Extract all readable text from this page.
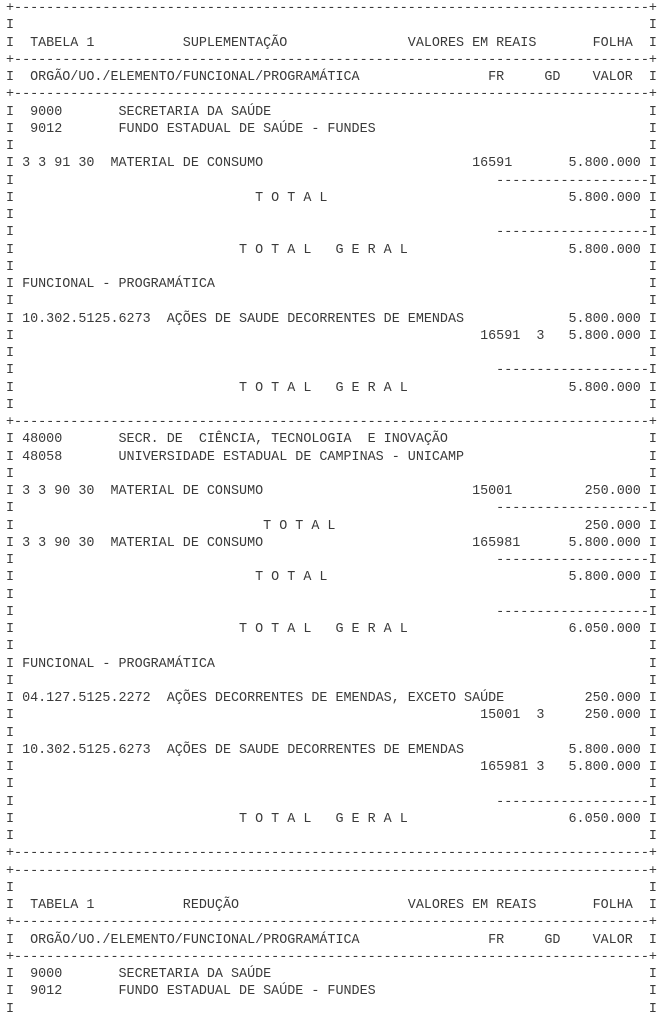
+-------------------------------------------------------------------------------+
I                                                                               I
I  TABELA 1           SUPLEMENTAÇÃO               VALORES EM REAIS       FOLHA  I
+-------------------------------------------------------------------------------+
I  ORGÃO/UO./ELEMENTO/FUNCIONAL/PROGRAMÁTICA                FR     GD    VALOR  I
+-------------------------------------------------------------------------------+
I  9000       SECRETARIA DA SAÚDE                                               I
I  9012       FUNDO ESTADUAL DE SAÚDE - FUNDES                                  I
I                                                                               I
I 3 3 91 30  MATERIAL DE CONSUMO                          16591       5.800.000 I
I                                                            -------------------I
I                              T O T A L                              5.800.000 I
I                                                                               I
I                                                            -------------------I
I                            T O T A L   G E R A L                    5.800.000 I
I                                                                               I
I FUNCIONAL - PROGRAMÁTICA                                                      I
I                                                                               I
I 10.302.5125.6273  AÇÕES DE SAUDE DECORRENTES DE EMENDAS             5.800.000 I
I                                                          16591  3   5.800.000 I
I                                                                               I
I                                                            -------------------I
I                            T O T A L   G E R A L                    5.800.000 I
I                                                                               I
+-------------------------------------------------------------------------------+
I 48000       SECR. DE  CIÊNCIA, TECNOLOGIA  E INOVAÇÃO                         I
I 48058       UNIVERSIDADE ESTADUAL DE CAMPINAS - UNICAMP                       I
I                                                                               I
I 3 3 90 30  MATERIAL DE CONSUMO                          15001         250.000 I
I                                                            -------------------I
I                               T O T A L                               250.000 I
I 3 3 90 30  MATERIAL DE CONSUMO                          165981      5.800.000 I
I                                                            -------------------I
I                              T O T A L                              5.800.000 I
I                                                                               I
I                                                            -------------------I
I                            T O T A L   G E R A L                    6.050.000 I
I                                                                               I
I FUNCIONAL - PROGRAMÁTICA                                                      I
I                                                                               I
I 04.127.5125.2272  AÇÕES DECORRENTES DE EMENDAS, EXCETO SAÚDE          250.000 I
I                                                          15001  3     250.000 I
I                                                                               I
I 10.302.5125.6273  AÇÕES DE SAUDE DECORRENTES DE EMENDAS             5.800.000 I
I                                                          165981 3   5.800.000 I
I                                                                               I
I                                                            -------------------I
I                            T O T A L   G E R A L                    6.050.000 I
I                                                                               I
+-------------------------------------------------------------------------------+
+-------------------------------------------------------------------------------+
I                                                                               I
I  TABELA 1           REDUÇÃO                     VALORES EM REAIS       FOLHA  I
+-------------------------------------------------------------------------------+
I  ORGÃO/UO./ELEMENTO/FUNCIONAL/PROGRAMÁTICA                FR     GD    VALOR  I
+-------------------------------------------------------------------------------+
I  9000       SECRETARIA DA SAÚDE                                               I
I  9012       FUNDO ESTADUAL DE SAÚDE - FUNDES                                  I
I                                                                               I
